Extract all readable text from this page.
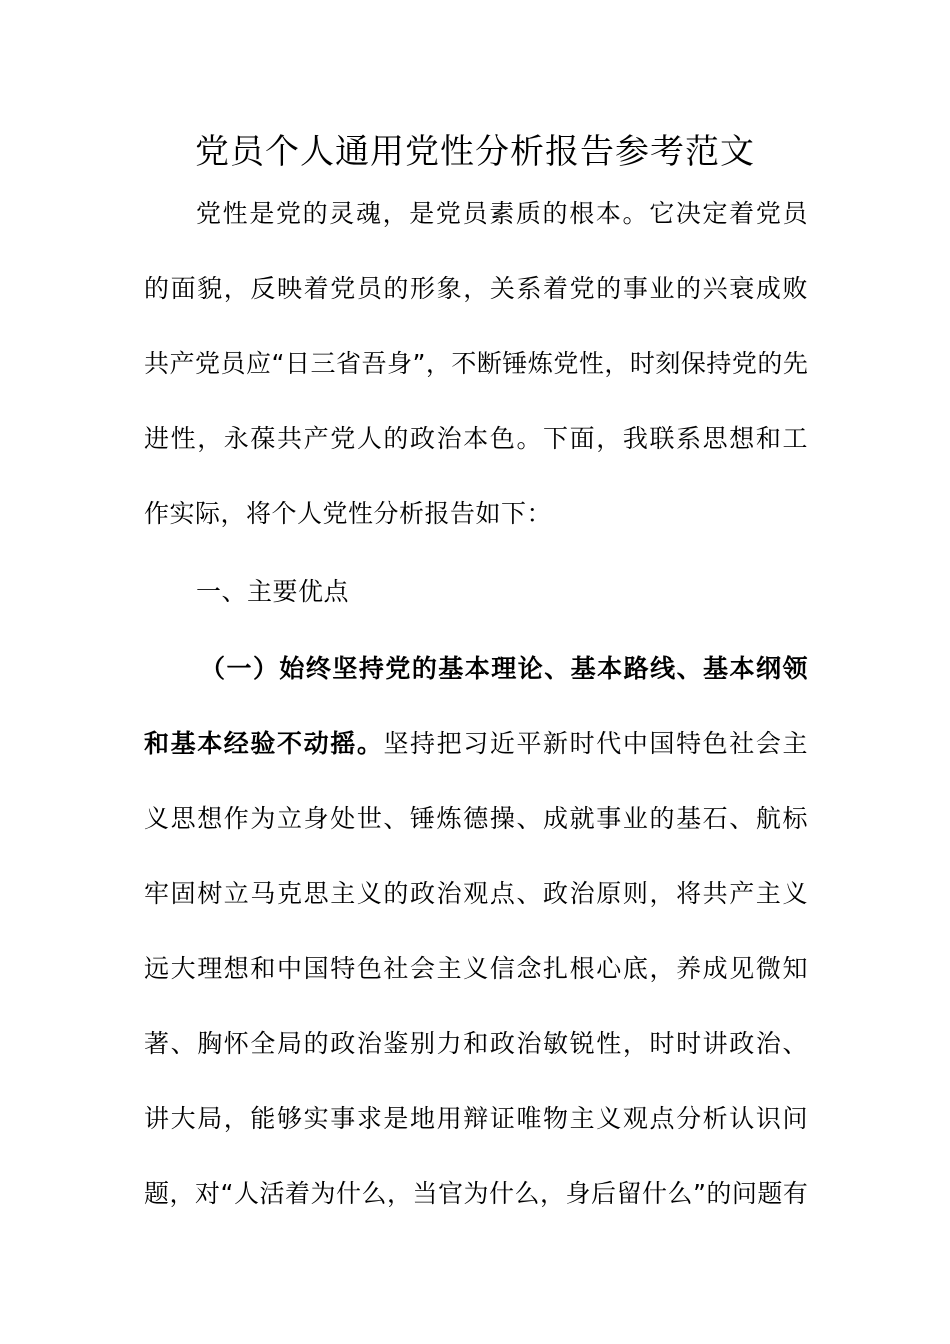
党员个人通用党性分析报告参考范文
党性是党的灵魂，是党员素质的根本。它决定着党员
的面貌，反映着党员的形象，关系着党的事业的兴衰成败
共产党员应“日三省吾身”，不断锤炼党性，时刻保持党的先
进性，永葆共产党人的政治本色。下面，我联系思想和工
作实际，将个人党性分析报告如下：
一、主要优点
（一）始终坚持党的基本理论、基本路线、基本纲领
和基本经验不动摇。坚持把习近平新时代中国特色社会主
义思想作为立身处世、锤炼德操、成就事业的基石、航标
牢固树立马克思主义的政治观点、政治原则，将共产主义
远大理想和中国特色社会主义信念扎根心底，养成见微知
著、胸怀全局的政治鉴别力和政治敏锐性，时时讲政治、
讲大局，能够实事求是地用辩证唯物主义观点分析认识问
题，对“人活着为什么，当官为什么，身后留什么”的问题有
